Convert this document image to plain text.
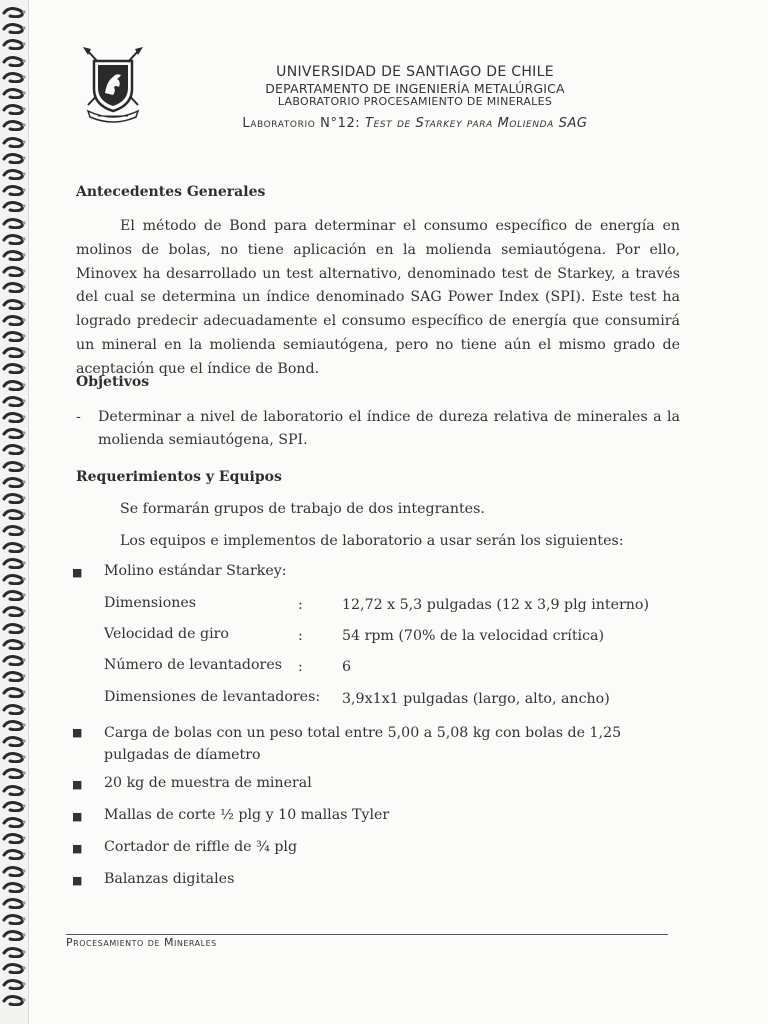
UNIVERSIDAD DE SANTIAGO DE CHILE
DEPARTAMENTO DE INGENIERÍA METALÚRGICA
LABORATORIO PROCESAMIENTO DE MINERALES
Laboratorio N°12: Test de Starkey para Molienda SAG
Antecedentes Generales
El método de Bond para determinar el consumo específico de energía en molinos de bolas, no tiene aplicación en la molienda semiautógena. Por ello, Minovex ha desarrollado un test alternativo, denominado test de Starkey, a través del cual se determina un índice denominado SAG Power Index (SPI). Este test ha logrado predecir adecuadamente el consumo específico de energía que consumirá un mineral en la molienda semiautógena, pero no tiene aún el mismo grado de aceptación que el índice de Bond.
Objetivos
- Determinar a nivel de laboratorio el índice de dureza relativa de minerales a la molienda semiautógena, SPI.
Requerimientos y Equipos
Se formarán grupos de trabajo de dos integrantes.
Los equipos e implementos de laboratorio a usar serán los siguientes:
■ Molino estándar Starkey:
Dimensiones	:	12,72 x 5,3 pulgadas (12 x 3,9 plg interno)
Velocidad de giro	:	54 rpm (70% de la velocidad crítica)
Número de levantadores :	6
Dimensiones de levantadores: 3,9x1x1 pulgadas (largo, alto, ancho)
■ Carga de bolas con un peso total entre 5,00 a 5,08 kg con bolas de 1,25 pulgadas de díametro
■ 20 kg de muestra de mineral
■ Mallas de corte ½ plg y 10 mallas Tyler
■ Cortador de riffle de ¾ plg
■ Balanzas digitales
Procesamiento de Minerales
